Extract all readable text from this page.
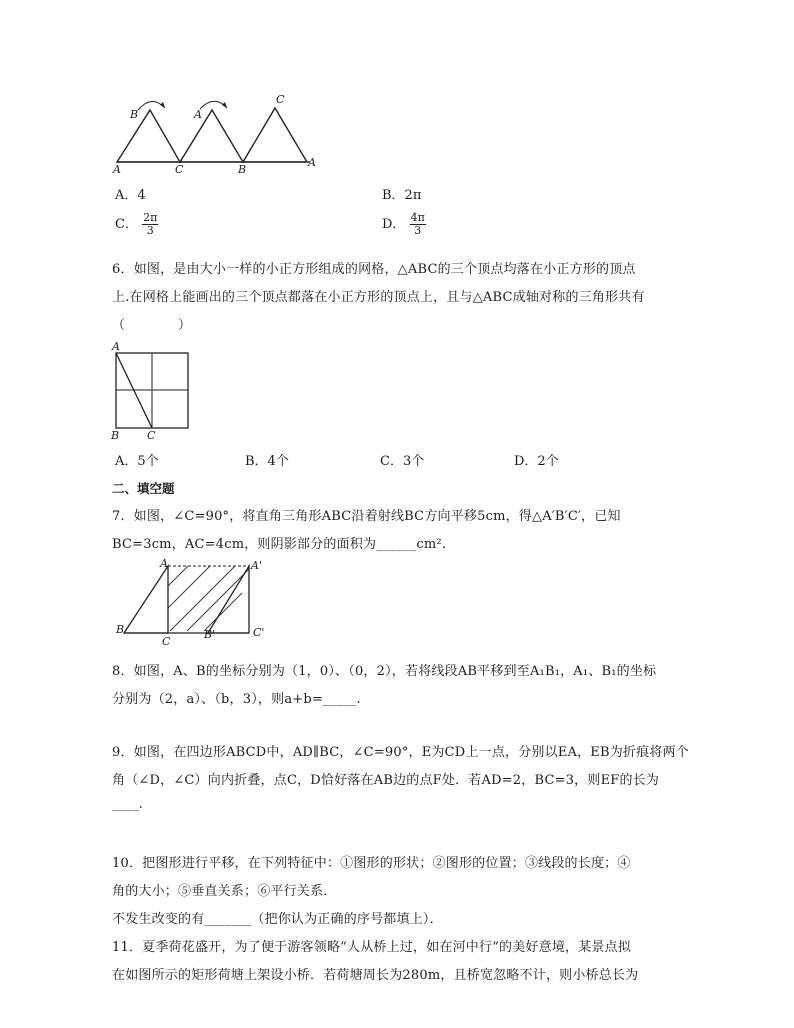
B	A
C
A	C	B
A
A．4	B．2π
C． $\frac{2\pi}{3}$	D． $\frac{4\pi}{3}$
6．如图，是由大小一样的小正方形组成的网格，△ABC的三个顶点均落在小正方形的顶点
上.在网格上能画出的三个顶点都落在小正方形的顶点上，且与△ABC成轴对称的三角形共有
（　　　　）
A
B	C
A．5个	B．4个	C．3个	D．2个
二、填空题
7．如图，∠C=90°，将直角三角形ABC沿着射线BC方向平移5cm，得△A′B′C′，已知
BC=3cm，AC=4cm，则阴影部分的面积为______cm².
A	A'
B
C
B'	C'
8．如图，A、B的坐标分别为（1，0）、（0，2），若将线段AB平移到至A₁B₁，A₁、B₁的坐标
分别为（2，a）、（b，3），则a+b=_____.
9．如图，在四边形ABCD中，AD∥BC，∠C=90°，E为CD上一点，分别以EA，EB为折痕将两个
角（∠D，∠C）向内折叠，点C，D恰好落在AB边的点F处．若AD=2，BC=3，则EF的长为
____.
10．把图形进行平移，在下列特征中：①图形的形状；②图形的位置；③线段的长度；④
角的大小；⑤垂直关系；⑥平行关系．
不发生改变的有_______（把你认为正确的序号都填上）．
11．夏季荷花盛开，为了便于游客领略“人从桥上过，如在河中行”的美好意境，某景点拟
在如图所示的矩形荷塘上架设小桥．若荷塘周长为280m，且桥宽忽略不计，则小桥总长为
